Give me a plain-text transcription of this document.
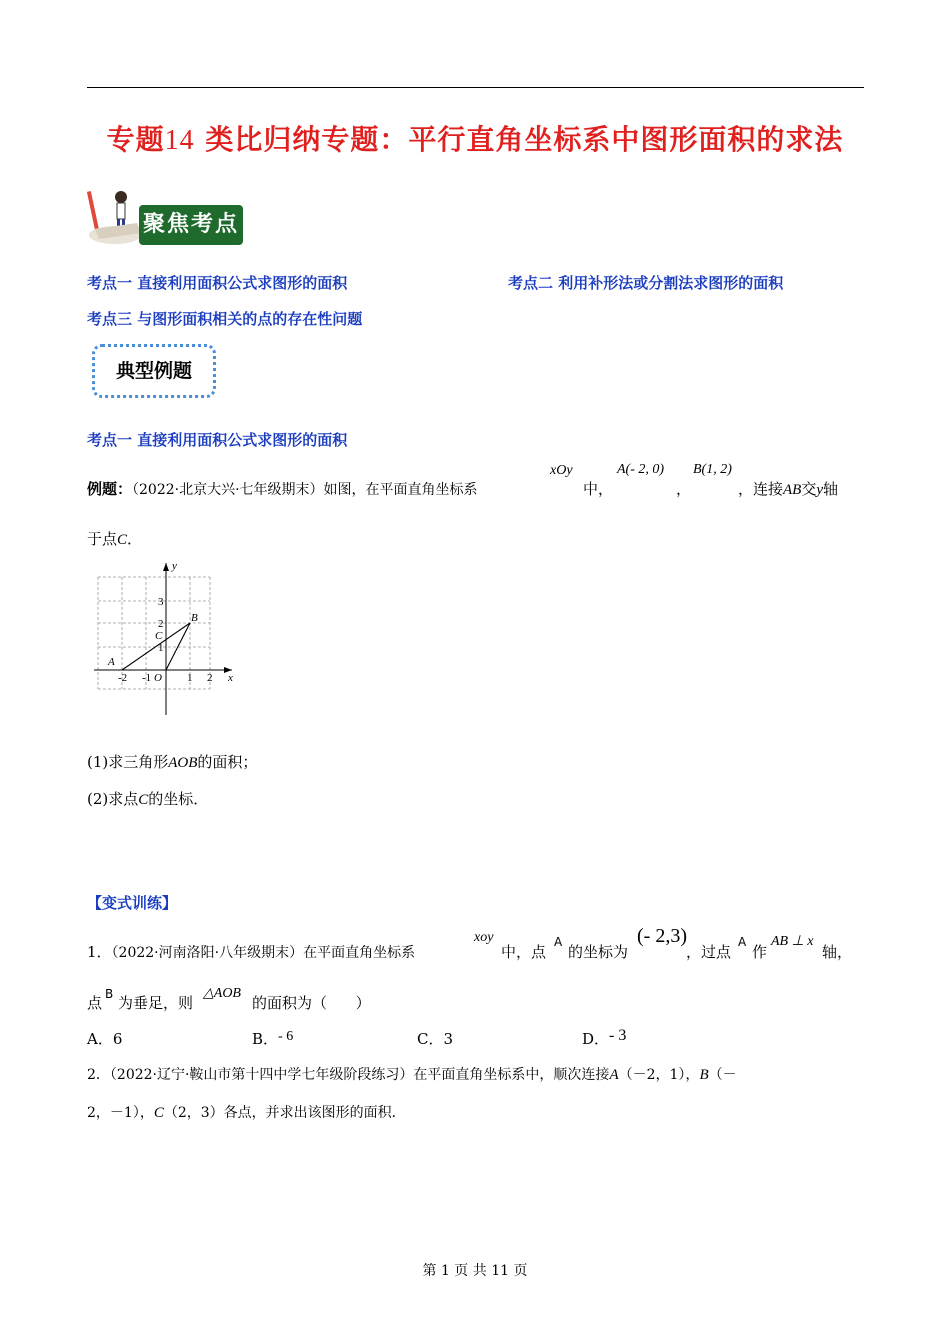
专题14 类比归纳专题：平行直角坐标系中图形面积的求法
聚焦考点
考点一 直接利用面积公式求图形的面积	考点二 利用补形法或分割法求图形的面积
考点三 与图形面积相关的点的存在性问题
典型例题
考点一 直接利用面积公式求图形的面积
例题：（2022·北京大兴·七年级期末）如图，在平面直角坐标系
xOy
中，
A(- 2, 0)
，
B(1, 2)
，连接AB交y轴
于点C．
y
x
O
-2 -1	1 2
1
2
3
A
B
C
(1)求三角形AOB的面积；
(2)求点C的坐标．
【变式训练】
1．（2022·河南洛阳·八年级期末）在平面直角坐标系
xoy
中，点
A
的坐标为
(- 2,3)
，过点
A
作
AB ⊥ x
轴，
点 B 为垂足，则
△AOB
的面积为（      ）
A．6	B．- 6	C．3	D．- 3
2．（2022·辽宁·鞍山市第十四中学七年级阶段练习）在平面直角坐标系中，顺次连接A（－2，1），B（－
2，－1），C（2，3）各点，并求出该图形的面积．
第 1 页 共 11 页
